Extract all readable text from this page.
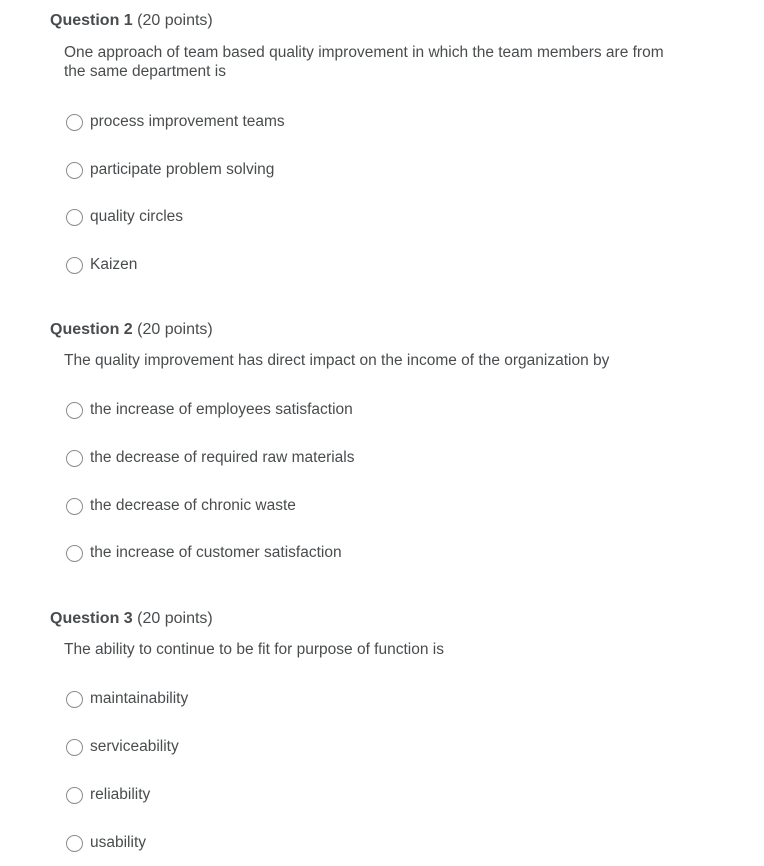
Question 1 (20 points)

One approach of team based quality improvement in which the team members are from the same department is

process improvement teams
participate problem solving
quality circles
Kaizen
Question 2 (20 points)

The quality improvement has direct impact on the income of the organization by

the increase of employees satisfaction
the decrease of required raw materials
the decrease of chronic waste
the increase of customer satisfaction
Question 3 (20 points)

The ability to continue to be fit for purpose of function is

maintainability
serviceability
reliability
usability
